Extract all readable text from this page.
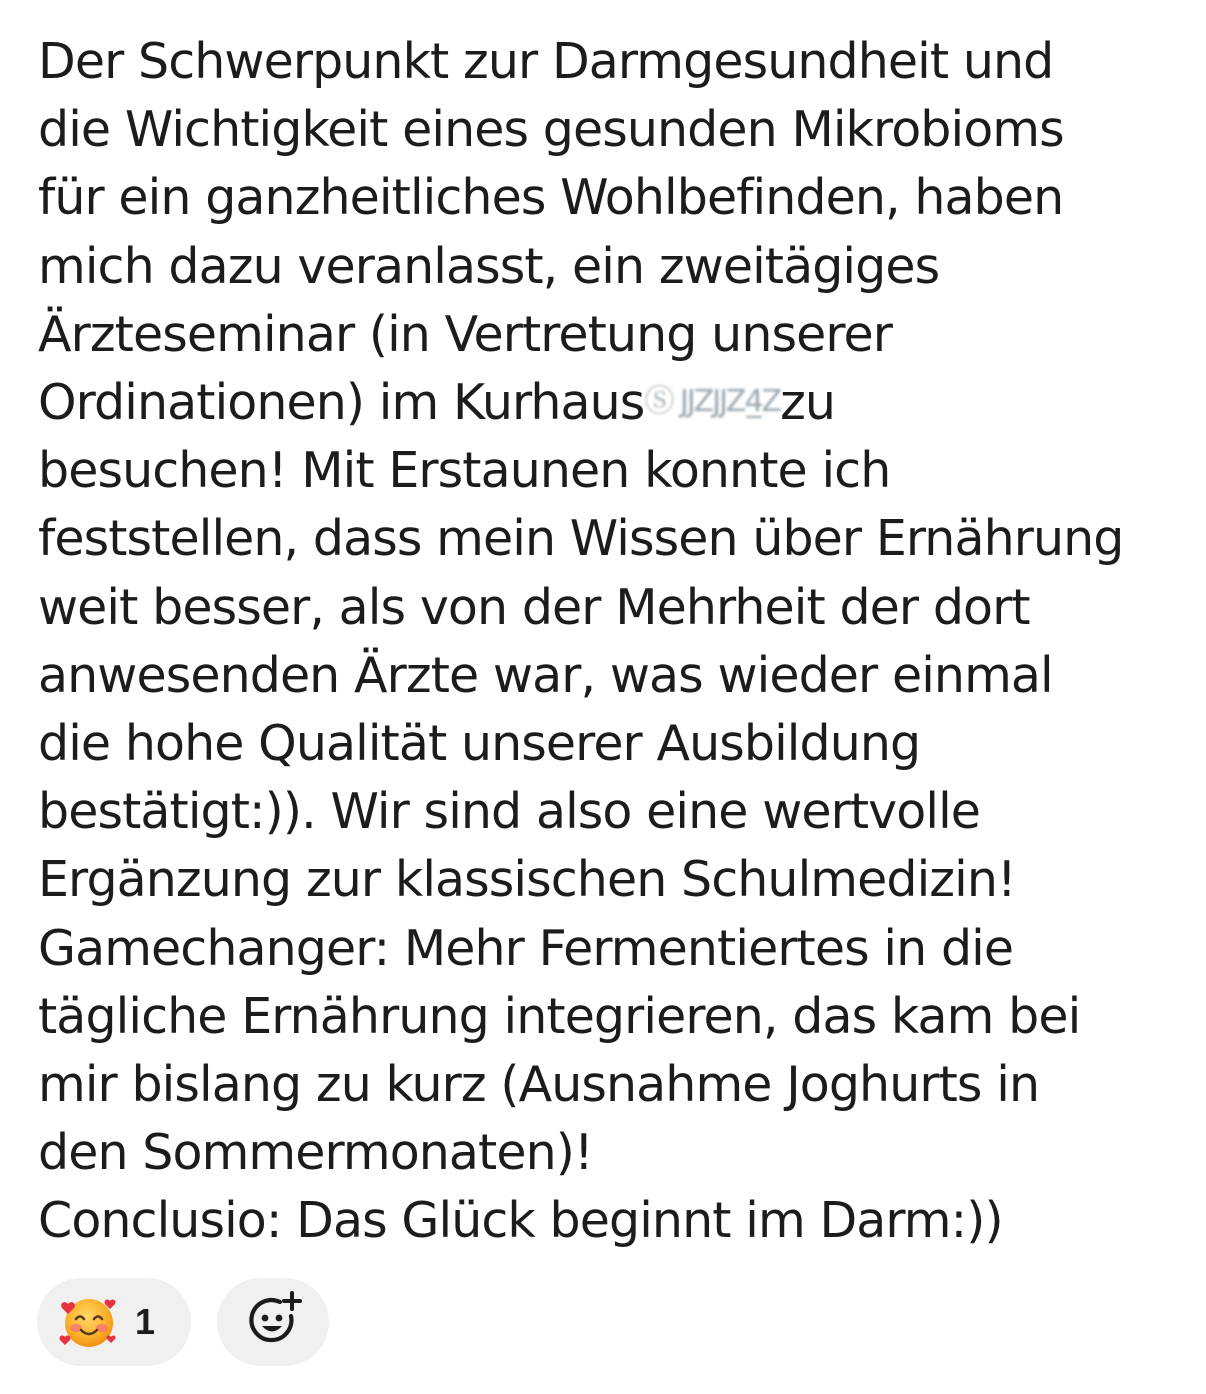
Der Schwerpunkt zur Darmgesundheit und
die Wichtigkeit eines gesunden Mikrobioms
für ein ganzheitliches Wohlbefinden, haben
mich dazu veranlasst, ein zweitägiges
Ärzteseminar (in Vertretung unserer
Ordinationen) im KurhausⓈ JJZJJZ4̲Zzu
besuchen! Mit Erstaunen konnte ich
feststellen, dass mein Wissen über Ernährung
weit besser, als von der Mehrheit der dort
anwesenden Ärzte war, was wieder einmal
die hohe Qualität unserer Ausbildung
bestätigt:)). Wir sind also eine wertvolle
Ergänzung zur klassischen Schulmedizin!
Gamechanger: Mehr Fermentiertes in die
tägliche Ernährung integrieren, das kam bei
mir bislang zu kurz (Ausnahme Joghurts in
den Sommermonaten)!
Conclusio: Das Glück beginnt im Darm:))
1
